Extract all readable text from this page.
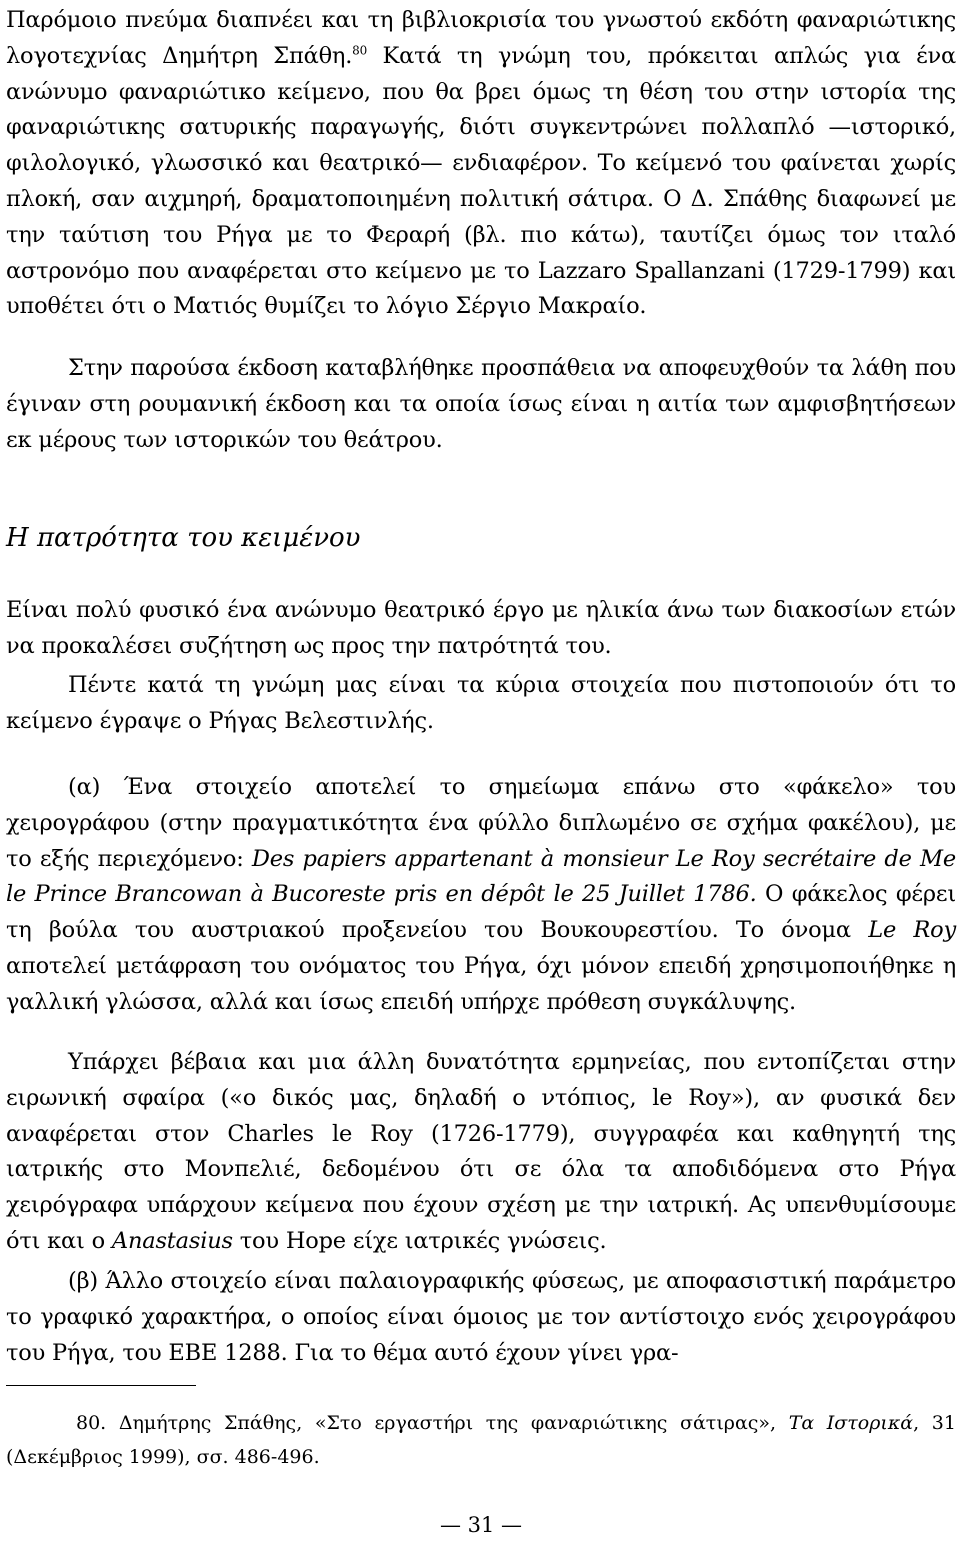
Παρόμοιο πνεύμα διαπνέει και τη βιβλιοκρισία του γνωστού εκδότη φαναριώτικης λογοτεχνίας Δημήτρη Σπάθη.$^{80}$ Κατά τη γνώμη του, πρόκειται απλώς για ένα ανώνυμο φαναριώτικο κείμενο, που θα βρει όμως τη θέση του στην ιστορία της φαναριώτικης σατυρικής παραγωγής, διότι συγκεντρώνει πολλαπλό —ιστορικό, φιλολογικό, γλωσσικό και θεατρικό— ενδιαφέρον. Το κείμενό του φαίνεται χωρίς πλοκή, σαν αιχμηρή, δραματοποιημένη πολιτική σάτιρα. Ο Δ. Σπάθης διαφωνεί με την ταύτιση του Ρήγα με το Φεραρή (βλ. πιο κάτω), ταυτίζει όμως τον ιταλό αστρονόμο που αναφέρεται στο κείμενο με το Lazzaro Spallanzani (1729-1799) και υποθέτει ότι ο Ματιός θυμίζει το λόγιο Σέργιο Μακραίο.

Στην παρούσα έκδοση καταβλήθηκε προσπάθεια να αποφευχθούν τα λάθη που έγιναν στη ρουμανική έκδοση και τα οποία ίσως είναι η αιτία των αμφισβητήσεων εκ μέρους των ιστορικών του θεάτρου.

Η πατρότητα του κειμένου

Είναι πολύ φυσικό ένα ανώνυμο θεατρικό έργο με ηλικία άνω των διακοσίων ετών να προκαλέσει συζήτηση ως προς την πατρότητά του.

Πέντε κατά τη γνώμη μας είναι τα κύρια στοιχεία που πιστοποιούν ότι το κείμενο έγραψε ο Ρήγας Βελεστινλής.

(α) Ένα στοιχείο αποτελεί το σημείωμα επάνω στο «φάκελο» του χειρογράφου (στην πραγματικότητα ένα φύλλο διπλωμένο σε σχήμα φακέλου), με το εξής περιεχόμενο: Des papiers appartenant à monsieur Le Roy secrétaire de Me le Prince Brancowan à Bucoreste pris en dépôt le 25 Juillet 1786. Ο φάκελος φέρει τη βούλα του αυστριακού προξενείου του Βουκουρεστίου. Το όνομα Le Roy αποτελεί μετάφραση του ονόματος του Ρήγα, όχι μόνον επειδή χρησιμοποιήθηκε η γαλλική γλώσσα, αλλά και ίσως επειδή υπήρχε πρόθεση συγκάλυψης.

Υπάρχει βέβαια και μια άλλη δυνατότητα ερμηνείας, που εντοπίζεται στην ειρωνική σφαίρα («ο δικός μας, δηλαδή ο ντόπιος, le Roy»), αν φυσικά δεν αναφέρεται στον Charles le Roy (1726-1779), συγγραφέα και καθηγητή της ιατρικής στο Μονπελιέ, δεδομένου ότι σε όλα τα αποδιδόμενα στο Ρήγα χειρόγραφα υπάρχουν κείμενα που έχουν σχέση με την ιατρική. Ας υπενθυμίσουμε ότι και ο Anastasius του Hope είχε ιατρικές γνώσεις.

(β) Άλλο στοιχείο είναι παλαιογραφικής φύσεως, με αποφασιστική παράμετρο το γραφικό χαρακτήρα, ο οποίος είναι όμοιος με τον αντίστοιχο ενός χειρογράφου του Ρήγα, του ΕΒΕ 1288. Για το θέμα αυτό έχουν γίνει γρα-

80. Δημήτρης Σπάθης, «Στο εργαστήρι της φαναριώτικης σάτιρας», Τα Ιστορικά, 31 (Δεκέμβριος 1999), σσ. 486-496.

— 31 —
